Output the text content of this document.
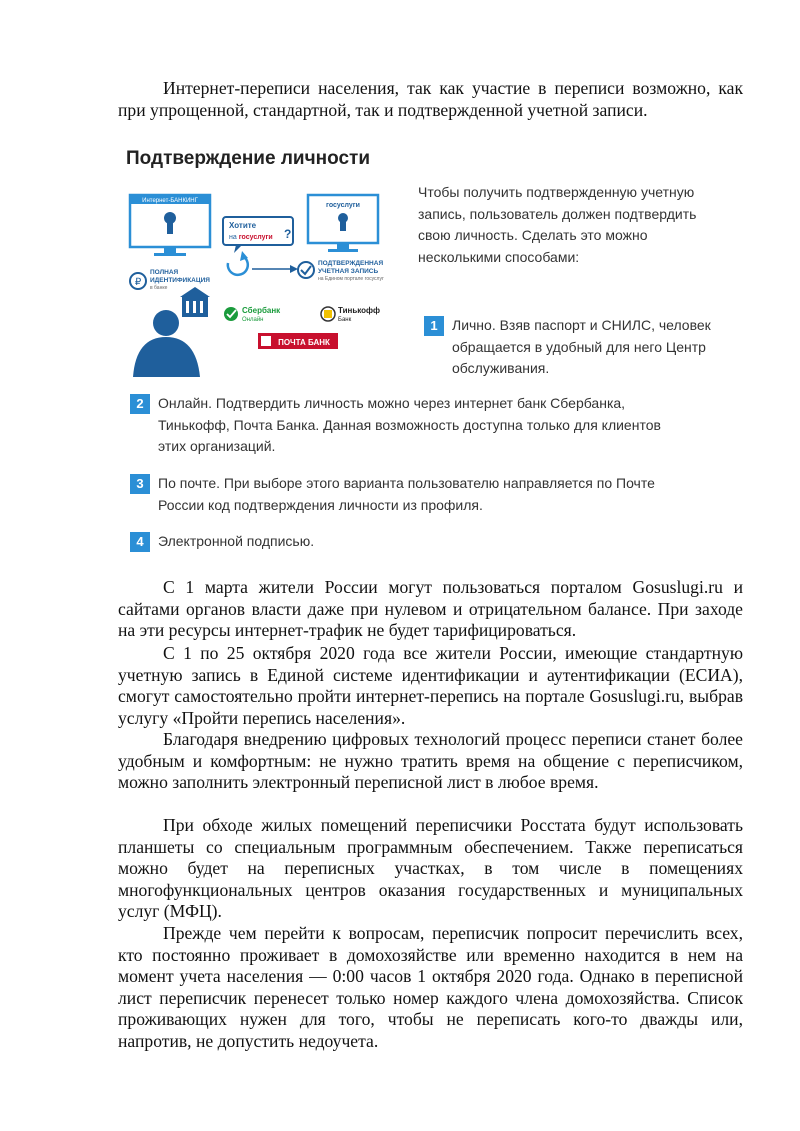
Интернет-переписи населения, так как участие в переписи возможно, как при упрощенной, стандартной, так и подтвержденной учетной записи.

Подтверждение личности
Чтобы получить подтвержденную учетную запись, пользователь должен подтвердить свою личность. Сделать это можно несколькими способами:
Интернет-БАНКИНГ
₽
ПОЛНАЯ
ИДЕНТИФИКАЦИЯ
в банке
Хотите
на госуслуги ?
госуслуги
ПОДТВЕРЖДЕННАЯ
УЧЕТНАЯ ЗАПИСЬ
на Едином портале госуслуг
Сбербанк
Онлайн
Тинькофф
Банк
ПОЧТА БАНК
1	Лично. Взяв паспорт и СНИЛС, человек
обращается в удобный для него Центр
обслуживания.
2	Онлайн. Подтвердить личность можно через интернет банк Сбербанка,
Тинькофф, Почта Банка. Данная возможность доступна только для клиентов
этих организаций.
3	По почте. При выборе этого варианта пользователю направляется по Почте
России код подтверждения личности из профиля.
4	Электронной подписью.

С 1 марта жители России могут пользоваться порталом Gosuslugi.ru и сайтами органов власти даже при нулевом и отрицательном балансе. При заходе на эти ресурсы интернет-трафик не будет тарифицироваться.

С 1 по 25 октября 2020 года все жители России, имеющие стандартную учетную запись в Единой системе идентификации и аутентификации (ЕСИА), смогут самостоятельно пройти интернет-перепись на портале Gosuslugi.ru, выбрав услугу «Пройти перепись населения».

Благодаря внедрению цифровых технологий процесс переписи станет более удобным и комфортным: не нужно тратить время на общение с переписчиком, можно заполнить электронный переписной лист в любое время.

При обходе жилых помещений переписчики Росстата будут использовать планшеты со специальным программным обеспечением. Также переписаться можно будет на переписных участках, в том числе в помещениях многофункциональных центров оказания государственных и муниципальных услуг (МФЦ).

Прежде чем перейти к вопросам, переписчик попросит перечислить всех, кто постоянно проживает в домохозяйстве или временно находится в нем на момент учета населения — 0:00 часов 1 октября 2020 года. Однако в переписной лист переписчик перенесет только номер каждого члена домохозяйства. Список проживающих нужен для того, чтобы не переписать кого-то дважды или, напротив, не допустить недоучета.
